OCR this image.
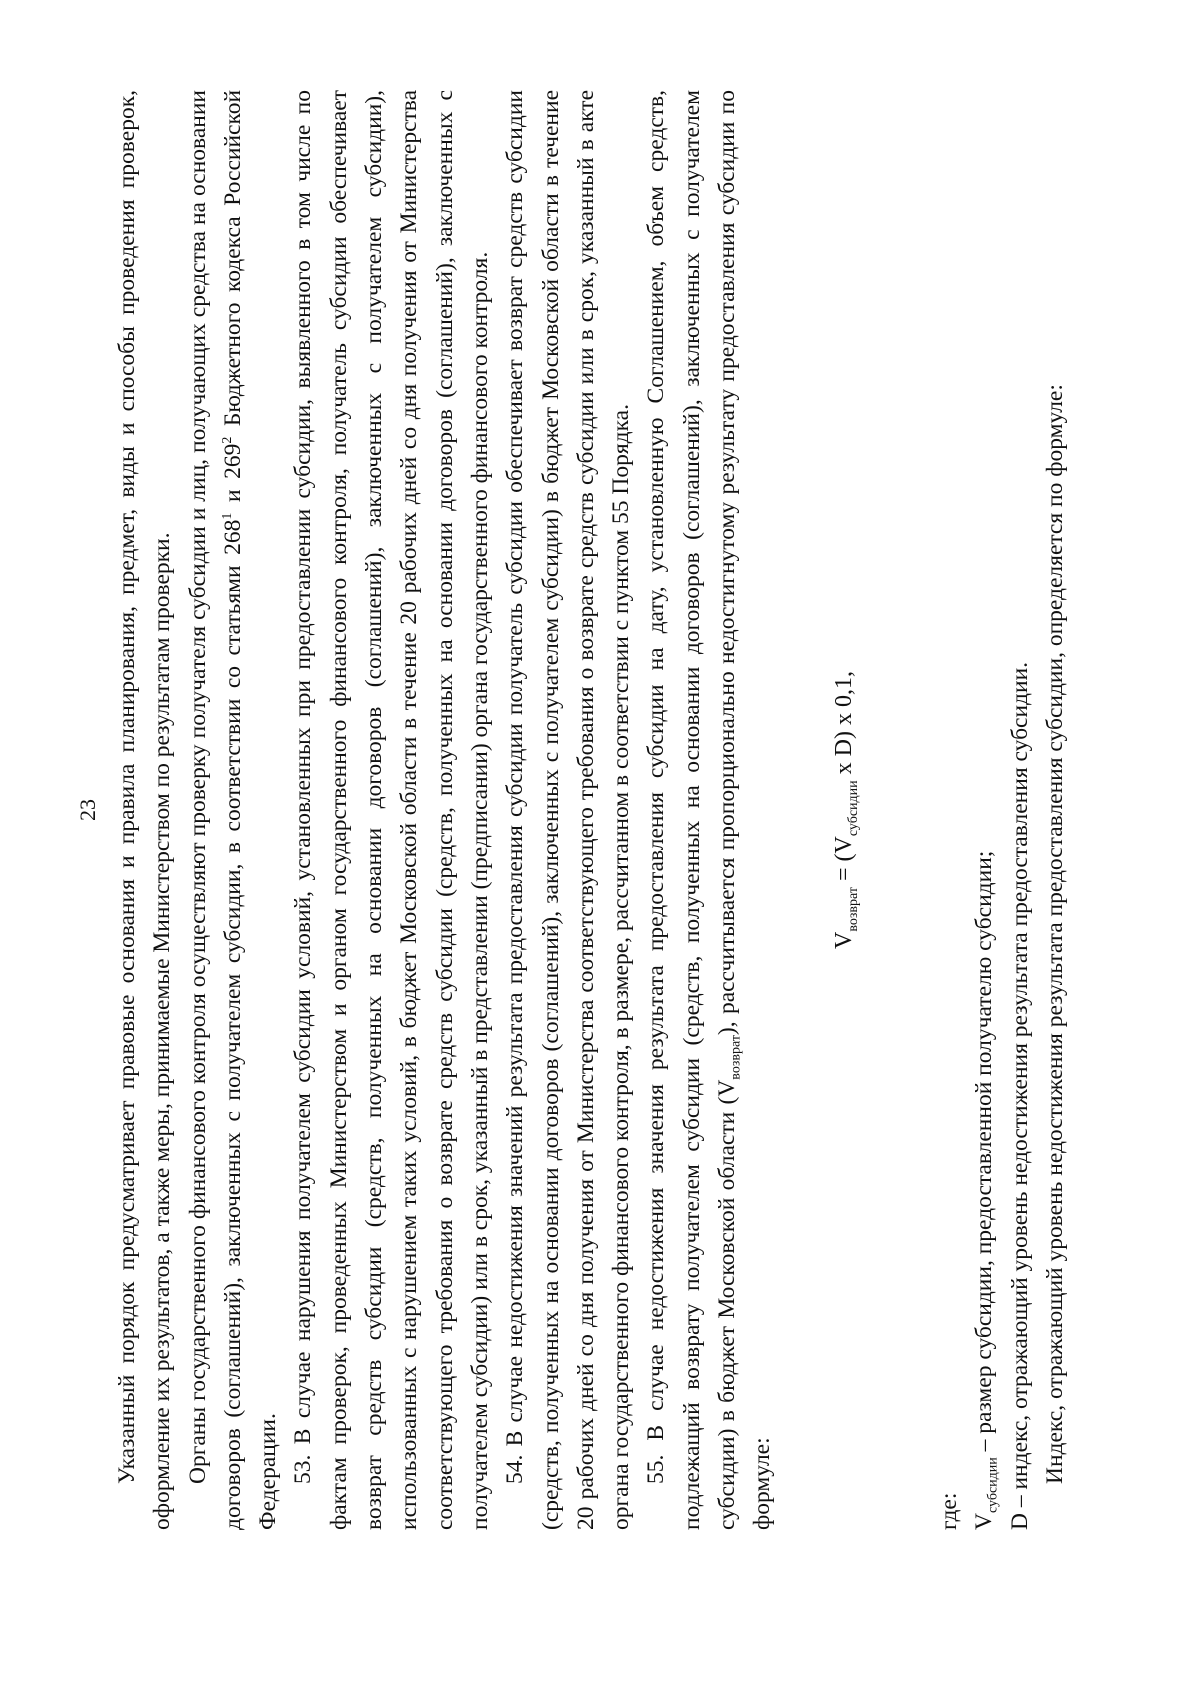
23 Указанный порядок предусматривает правовые основания и правила планирования, предмет, виды и способы проведения проверок, оформление их результатов, а также меры, принимаемые Министерством по результатам проверки. Органы государственного финансового контроля осуществляют проверку получателя субсидии и лиц, получающих средства на основании договоров (соглашений), заключенных с получателем субсидии, в соответствии со статьями $268^1$ и $269^2$ Бюджетного кодекса Российской Федерации. 53. В случае нарушения получателем субсидии условий, установленных при предоставлении субсидии, выявленного в том числе по фактам проверок, проведенных Министерством и органом государственного финансового контроля, получатель субсидии обеспечивает возврат средств субсидии (средств, полученных на основании договоров (соглашений), заключенных с получателем субсидии), использованных с нарушением таких условий, в бюджет Московской области в течение 20 рабочих дней со дня получения от Министерства соответствующего требования о возврате средств субсидии (средств, полученных на основании договоров (соглашений), заключенных с получателем субсидии) или в срок, указанный в представлении (предписании) органа государственного финансового контроля. 54. В случае недостижения значений результата предоставления субсидии получатель субсидии обеспечивает возврат средств субсидии (средств, полученных на основании договоров (соглашений), заключенных с получателем субсидии) в бюджет Московской области в течение 20 рабочих дней со дня получения от Министерства соответствующего требования о возврате средств субсидии или в срок, указанный в акте органа государственного финансового контроля, в размере, рассчитанном в соответствии с пунктом 55 Порядка. 55. В случае недостижения значения результата предоставления субсидии на дату, установленную Соглашением, объем средств, подлежащий возврату получателем субсидии (средств, полученных на основании договоров (соглашений), заключенных с получателем субсидии) в бюджет Московской области $(V_{возврат})$, рассчитывается пропорционально недостигнутому результату предоставления субсидии по формуле:

$V_{возврат} = (V_{субсидии}$ x D) x 0,1,

где: $V_{субсидии}$ – размер субсидии, предоставленной получателю субсидии; D – индекс, отражающий уровень недостижения результата предоставления субсидии. Индекс, отражающий уровень недостижения результата предоставления субсидии, определяется по формуле:
